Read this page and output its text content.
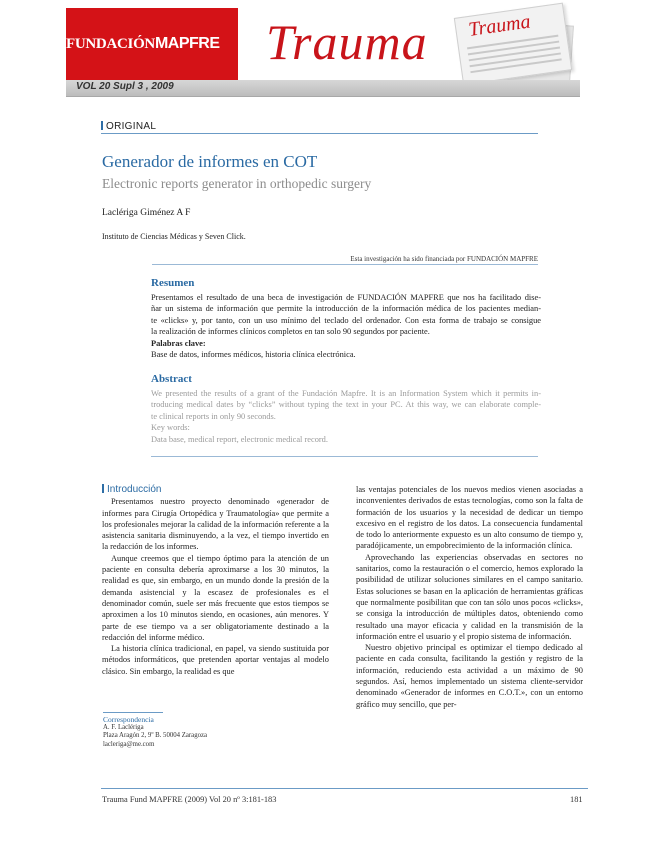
FUNDACIÓN MAPFRE Trauma Trauma
VOL 20 Supl 3 , 2009
ORIGINAL
Generador de informes en COT
Electronic reports generator in orthopedic surgery
Laclériga Giménez A F
Instituto de Ciencias Médicas y Seven Click.
Esta investigación ha sido financiada por FUNDACIÓN MAPFRE

Resumen

Presentamos el resultado de una beca de investigación de FUNDACIÓN MAPFRE que nos ha facilitado dise-

ñar un sistema de información que permite la introducción de la información médica de los pacientes median-

te «clicks» y, por tanto, con un uso mínimo del teclado del ordenador. Con esta forma de trabajo se consigue

la realización de informes clínicos completos en tan solo 90 segundos por paciente.

Palabras clave:

Base de datos, informes médicos, historia clínica electrónica.

Abstract

We presented the results of a grant of the Fundación Mapfre. It is an Information System which it permits in-

troducing medical dates by “clicks” without typing the text in your PC. At this way, we can elaborate comple-

te clinical reports in only 90 seconds.

Key words:

Data base, medical report, electronic medical record.

Introducción

Presentamos nuestro proyecto denominado «generador de informes para Cirugía Ortopédica y Traumatología» que permite a los profesionales mejorar la calidad de la información referente a la asistencia sanitaria disminuyendo, a la vez, el tiempo invertido en la redacción de los informes.

Aunque creemos que el tiempo óptimo para la atención de un paciente en consulta debería aproximarse a los 30 minutos, la realidad es que, sin embargo, en un mundo donde la presión de la demanda asistencial y la escasez de profesionales es el denominador común, suele ser más frecuente que estos tiempos se aproximen a los 10 minutos siendo, en ocasiones, aún menores. Y parte de ese tiempo va a ser obligatoriamente destinado a la redacción del informe médico.

La historia clínica tradicional, en papel, va siendo sustituida por métodos informáticos, que pretenden aportar ventajas al modelo clásico. Sin embargo, la realidad es que

las ventajas potenciales de los nuevos medios vienen asociadas a inconvenientes derivados de estas tecnologías, como son la falta de formación de los usuarios y la necesidad de dedicar un tiempo excesivo en el registro de los datos. La consecuencia fundamental de todo lo anteriormente expuesto es un alto consumo de tiempo y, paradójicamente, un empobrecimiento de la información clínica.

Aprovechando las experiencias observadas en sectores no sanitarios, como la restauración o el comercio, hemos explorado la posibilidad de utilizar soluciones similares en el campo sanitario. Estas soluciones se basan en la aplicación de herramientas gráficas que normalmente posibilitan que con tan sólo unos pocos «clicks», se consiga la introducción de múltiples datos, obteniendo como resultado una mayor eficacia y calidad en la transmisión de la información entre el usuario y el propio sistema de información.

Nuestro objetivo principal es optimizar el tiempo dedicado al paciente en cada consulta, facilitando la gestión y registro de la información, reduciendo esta actividad a un máximo de 90 segundos. Así, hemos implementado un sistema cliente-servidor denominado «Generador de informes en C.O.T.», con un entorno gráfico muy sencillo, que per-

Correspondencia
A. F. Laclériga
Plaza Aragón 2, 9º B. 50004 Zaragoza
lacleriga@me.com
Trauma Fund MAPFRE (2009) Vol 20 nº 3:181-183	181
